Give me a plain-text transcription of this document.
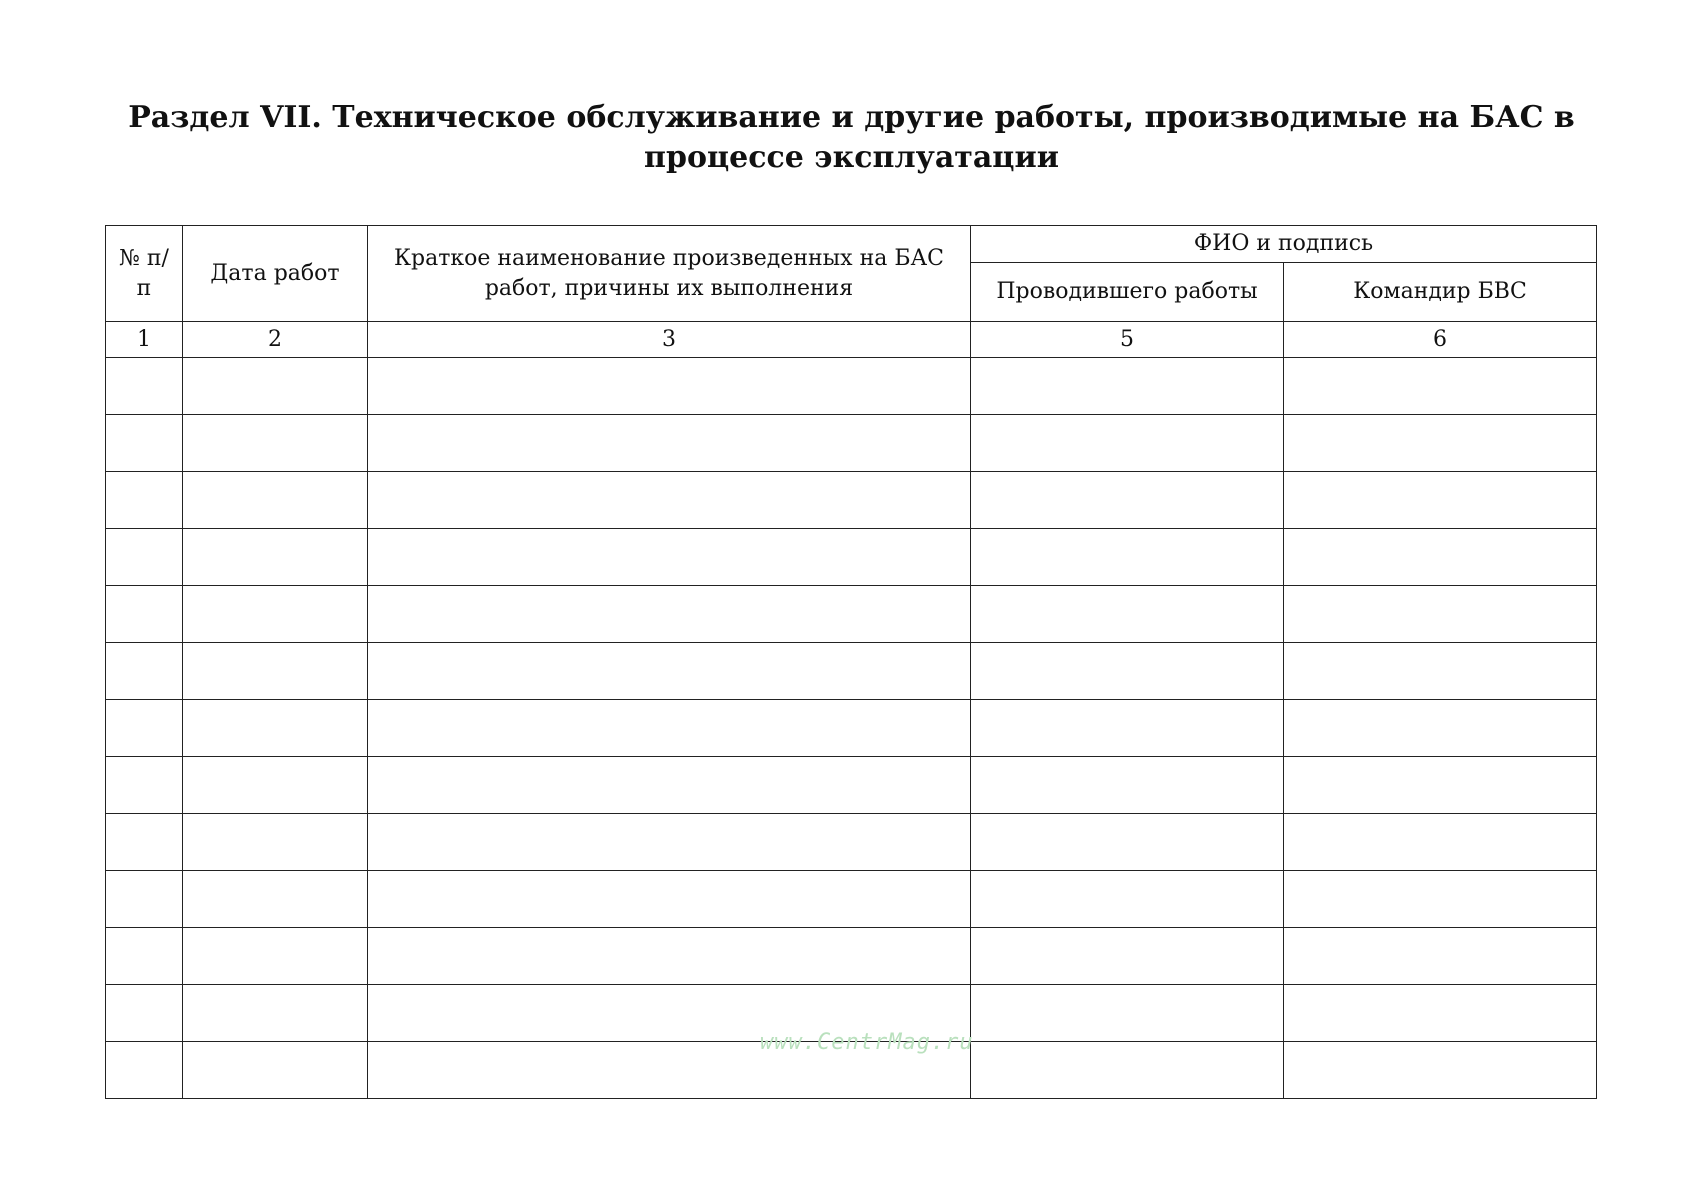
Раздел VII. Техническое обслуживание и другие работы, производимые на БАС в
процессе эксплуатации
№ п/п	Дата работ	Краткое наименование произведенных на БАС работ, причины их выполнения	ФИО и подпись	
			Проводившего работы	Командир БВС
1	2	3	5	6

www.CentrMag.ru
